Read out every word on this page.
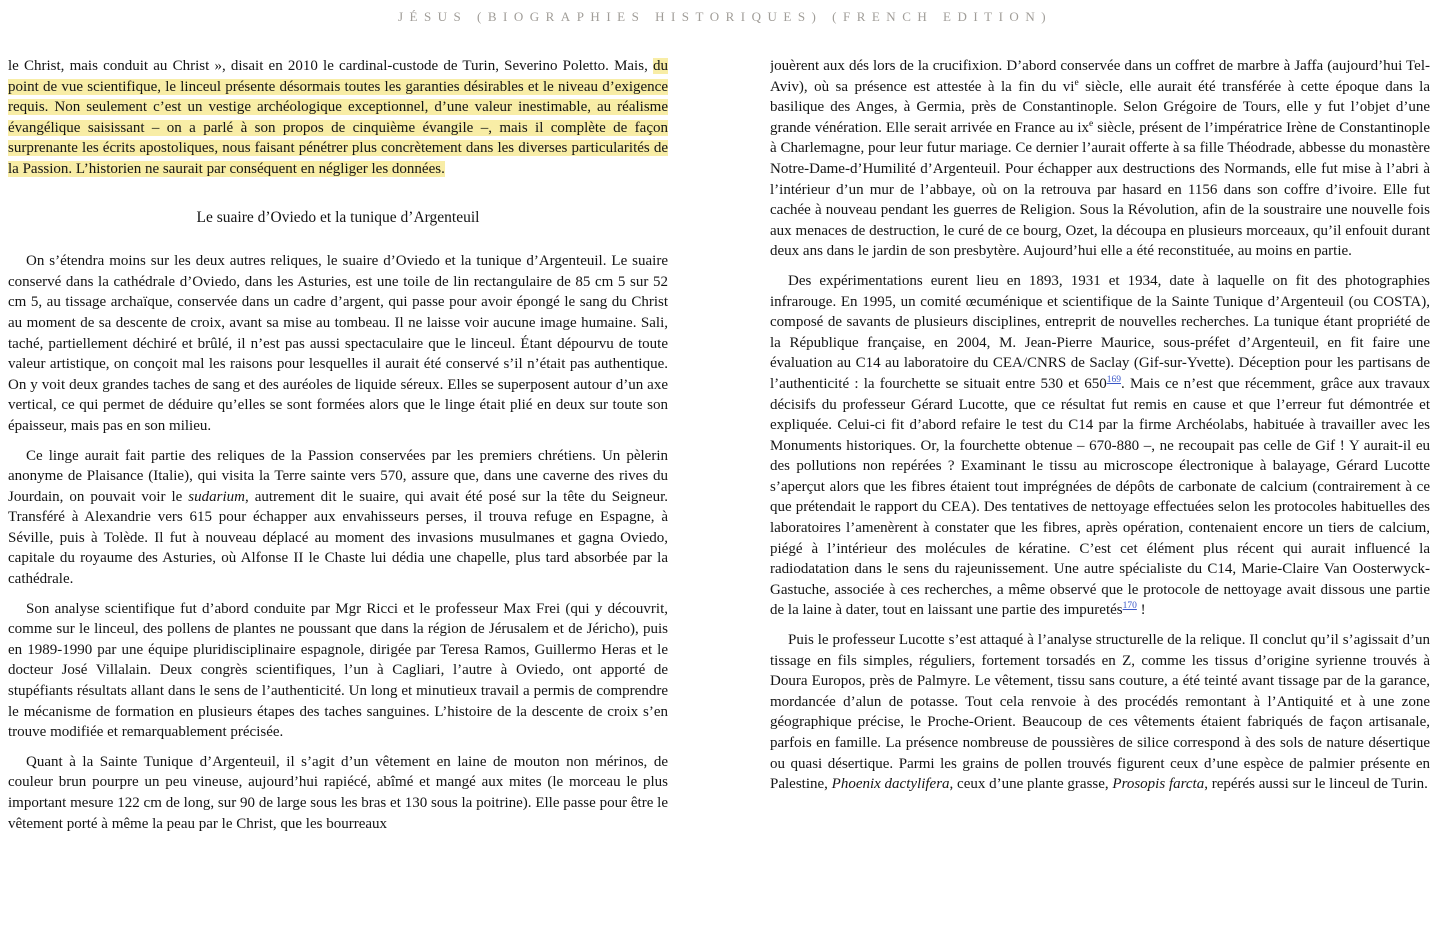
JÉSUS (BIOGRAPHIES HISTORIQUES) (FRENCH EDITION)

le Christ, mais conduit au Christ », disait en 2010 le cardinal-custode de Turin, Severino Poletto. Mais, du point de vue scientifique, le linceul présente désormais toutes les garanties désirables et le niveau d’exigence requis. Non seulement c’est un vestige archéologique exceptionnel, d’une valeur inestimable, au réalisme évangélique saisissant – on a parlé à son propos de cinquième évangile –, mais il complète de façon surprenante les écrits apostoliques, nous faisant pénétrer plus concrètement dans les diverses particularités de la Passion. L’historien ne saurait par conséquent en négliger les données.

Le suaire d’Oviedo et la tunique d’Argenteuil

On s’étendra moins sur les deux autres reliques, le suaire d’Oviedo et la tunique d’Argenteuil. Le suaire conservé dans la cathédrale d’Oviedo, dans les Asturies, est une toile de lin rectangulaire de 85 cm 5 sur 52 cm 5, au tissage archaïque, conservée dans un cadre d’argent, qui passe pour avoir épongé le sang du Christ au moment de sa descente de croix, avant sa mise au tombeau. Il ne laisse voir aucune image humaine. Sali, taché, partiellement déchiré et brûlé, il n’est pas aussi spectaculaire que le linceul. Étant dépourvu de toute valeur artistique, on conçoit mal les raisons pour lesquelles il aurait été conservé s’il n’était pas authentique. On y voit deux grandes taches de sang et des auréoles de liquide séreux. Elles se superposent autour d’un axe vertical, ce qui permet de déduire qu’elles se sont formées alors que le linge était plié en deux sur toute son épaisseur, mais pas en son milieu.

Ce linge aurait fait partie des reliques de la Passion conservées par les premiers chrétiens. Un pèlerin anonyme de Plaisance (Italie), qui visita la Terre sainte vers 570, assure que, dans une caverne des rives du Jourdain, on pouvait voir le sudarium, autrement dit le suaire, qui avait été posé sur la tête du Seigneur. Transféré à Alexandrie vers 615 pour échapper aux envahisseurs perses, il trouva refuge en Espagne, à Séville, puis à Tolède. Il fut à nouveau déplacé au moment des invasions musulmanes et gagna Oviedo, capitale du royaume des Asturies, où Alfonse II le Chaste lui dédia une chapelle, plus tard absorbée par la cathédrale.

Son analyse scientifique fut d’abord conduite par Mgr Ricci et le professeur Max Frei (qui y découvrit, comme sur le linceul, des pollens de plantes ne poussant que dans la région de Jérusalem et de Jéricho), puis en 1989-1990 par une équipe pluridisciplinaire espagnole, dirigée par Teresa Ramos, Guillermo Heras et le docteur José Villalain. Deux congrès scientifiques, l’un à Cagliari, l’autre à Oviedo, ont apporté de stupéfiants résultats allant dans le sens de l’authenticité. Un long et minutieux travail a permis de comprendre le mécanisme de formation en plusieurs étapes des taches sanguines. L’histoire de la descente de croix s’en trouve modifiée et remarquablement précisée.

Quant à la Sainte Tunique d’Argenteuil, il s’agit d’un vêtement en laine de mouton non mérinos, de couleur brun pourpre un peu vineuse, aujourd’hui rapiécé, abîmé et mangé aux mites (le morceau le plus important mesure 122 cm de long, sur 90 de large sous les bras et 130 sous la poitrine). Elle passe pour être le vêtement porté à même la peau par le Christ, que les bourreaux

jouèrent aux dés lors de la crucifixion. D’abord conservée dans un coffret de marbre à Jaffa (aujourd’hui Tel-Aviv), où sa présence est attestée à la fin du $vi^e$ siècle, elle aurait été transférée à cette époque dans la basilique des Anges, à Germia, près de Constantinople. Selon Grégoire de Tours, elle y fut l’objet d’une grande vénération. Elle serait arrivée en France au $ix^e$ siècle, présent de l’impératrice Irène de Constantinople à Charlemagne, pour leur futur mariage. Ce dernier l’aurait offerte à sa fille Théodrade, abbesse du monastère Notre-Dame-d’Humilité d’Argenteuil. Pour échapper aux destructions des Normands, elle fut mise à l’abri à l’intérieur d’un mur de l’abbaye, où on la retrouva par hasard en 1156 dans son coffre d’ivoire. Elle fut cachée à nouveau pendant les guerres de Religion. Sous la Révolution, afin de la soustraire une nouvelle fois aux menaces de destruction, le curé de ce bourg, Ozet, la découpa en plusieurs morceaux, qu’il enfouit durant deux ans dans le jardin de son presbytère. Aujourd’hui elle a été reconstituée, au moins en partie.

Des expérimentations eurent lieu en 1893, 1931 et 1934, date à laquelle on fit des photographies infrarouge. En 1995, un comité œcuménique et scientifique de la Sainte Tunique d’Argenteuil (ou COSTA), composé de savants de plusieurs disciplines, entreprit de nouvelles recherches. La tunique étant propriété de la République française, en 2004, M. Jean-Pierre Maurice, sous-préfet d’Argenteuil, en fit faire une évaluation au C14 au laboratoire du CEA/CNRS de Saclay (Gif-sur-Yvette). Déception pour les partisans de l’authenticité : la fourchette se situait entre 530 et $650^{169}$. Mais ce n’est que récemment, grâce aux travaux décisifs du professeur Gérard Lucotte, que ce résultat fut remis en cause et que l’erreur fut démontrée et expliquée. Celui-ci fit d’abord refaire le test du C14 par la firme Archéolabs, habituée à travailler avec les Monuments historiques. Or, la fourchette obtenue – 670-880 –, ne recoupait pas celle de Gif ! Y aurait-il eu des pollutions non repérées ? Examinant le tissu au microscope électronique à balayage, Gérard Lucotte s’aperçut alors que les fibres étaient tout imprégnées de dépôts de carbonate de calcium (contrairement à ce que prétendait le rapport du CEA). Des tentatives de nettoyage effectuées selon les protocoles habituelles des laboratoires l’amenèrent à constater que les fibres, après opération, contenaient encore un tiers de calcium, piégé à l’intérieur des molécules de kératine. C’est cet élément plus récent qui aurait influencé la radiodatation dans le sens du rajeunissement. Une autre spécialiste du C14, Marie-Claire Van Oosterwyck-Gastuche, associée à ces recherches, a même observé que le protocole de nettoyage avait dissous une partie de la laine à dater, tout en laissant une partie des impuretés$^{170}$ !

Puis le professeur Lucotte s’est attaqué à l’analyse structurelle de la relique. Il conclut qu’il s’agissait d’un tissage en fils simples, réguliers, fortement torsadés en Z, comme les tissus d’origine syrienne trouvés à Doura Europos, près de Palmyre. Le vêtement, tissu sans couture, a été teinté avant tissage par de la garance, mordancée d’alun de potasse. Tout cela renvoie à des procédés remontant à l’Antiquité et à une zone géographique précise, le Proche-Orient. Beaucoup de ces vêtements étaient fabriqués de façon artisanale, parfois en famille. La présence nombreuse de poussières de silice correspond à des sols de nature désertique ou quasi désertique. Parmi les grains de pollen trouvés figurent ceux d’une espèce de palmier présente en Palestine, Phoenix dactylifera, ceux d’une plante grasse, Prosopis farcta, repérés aussi sur le linceul de Turin.
